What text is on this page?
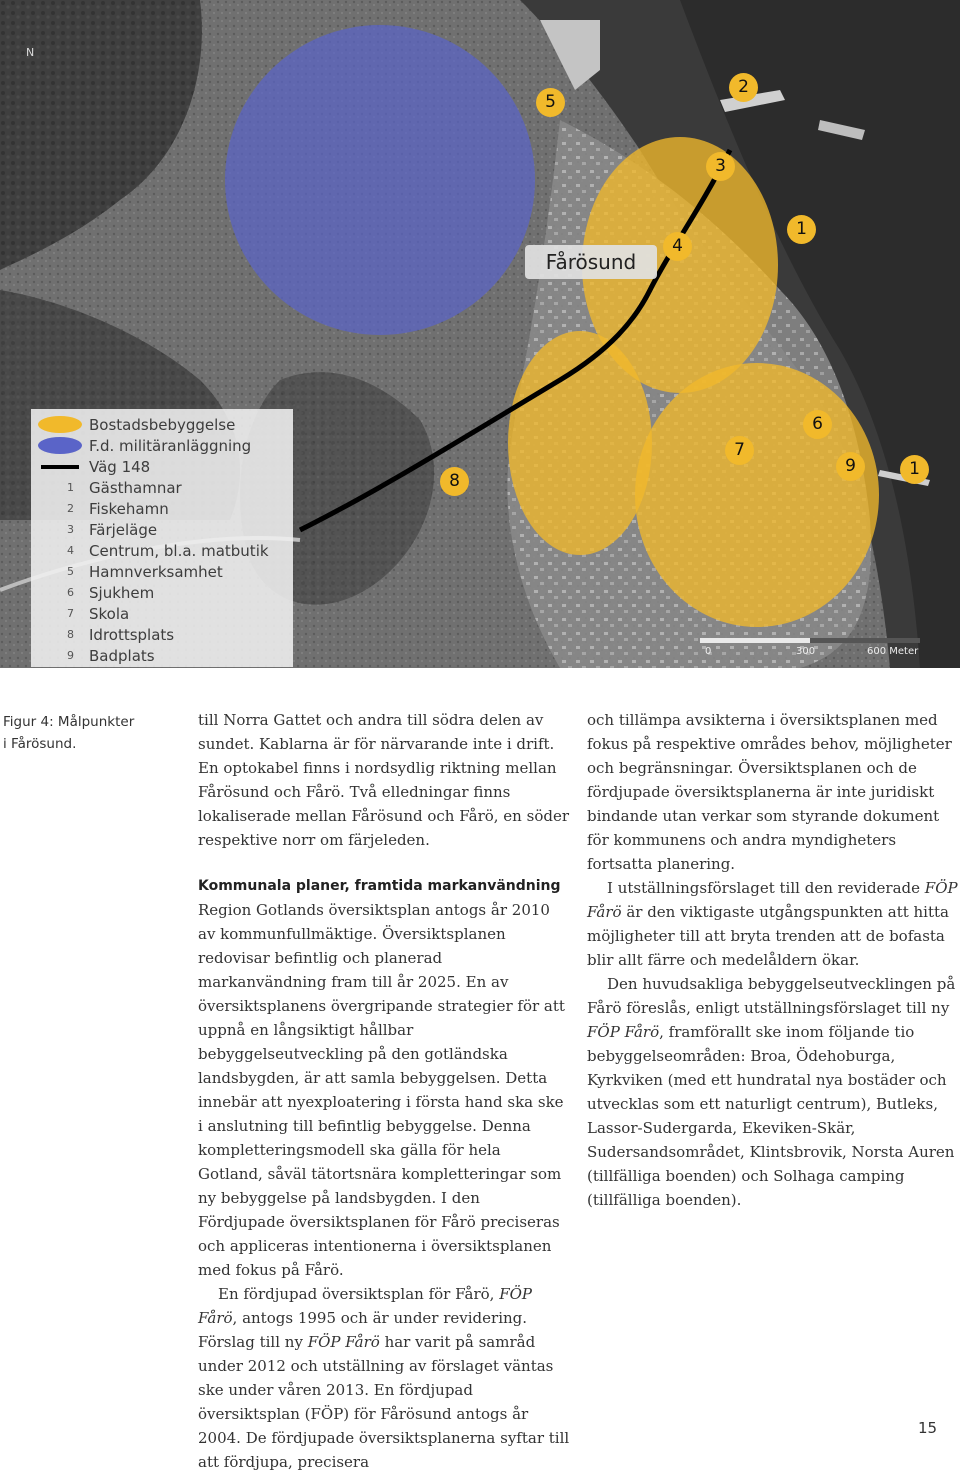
N
5
2
3
4
1
7
6
9	1
8
Fårösund
0	300	600 Meter
Bostadsbebyggelse
F.d. militäranläggning
Väg 148
1	Gästhamnar
2	Fiskehamn
3	Färjeläge
4	Centrum, bl.a. matbutik
5	Hamnverksamhet
6	Sjukhem
7	Skola
8	Idrottsplats
9	Badplats
Figur 4: Målpunkter
i Fårösund.

till Norra Gattet och andra till södra delen av sundet. Kablarna är för närvarande inte i drift. En optokabel finns i nordsydlig riktning mellan Fårösund och Fårö. Två elledningar finns lokaliserade mellan Fårösund och Fårö, en söder respektive norr om färjeleden.

Kommunala planer, framtida markanvändning

Region Gotlands översiktsplan antogs år 2010 av kommunfullmäktige. Översiktsplanen redovisar befintlig och planerad markanvändning fram till år 2025. En av översiktsplanens övergripande strategier för att uppnå en långsiktigt hållbar bebyggelseutveckling på den gotländska landsbygden, är att samla bebyggelsen. Detta innebär att nyexploatering i första hand ska ske i anslutning till befintlig bebyggelse. Denna kompletteringsmodell ska gälla för hela Gotland, såväl tätortsnära kompletteringar som ny bebyggelse på landsbygden. I den Fördjupade översiktsplanen för Fårö preciseras och appliceras intentionerna i översiktsplanen med fokus på Fårö.

En fördjupad översiktsplan för Fårö, FÖP Fårö, antogs 1995 och är under revidering. Förslag till ny FÖP Fårö har varit på samråd under 2012 och utställning av förslaget väntas ske under våren 2013. En fördjupad översiktsplan (FÖP) för Fårösund antogs år 2004. De fördjupade översiktsplanerna syftar till att fördjupa, precisera

och tillämpa avsikterna i översiktsplanen med fokus på respektive områdes behov, möjligheter och begränsningar. Översiktsplanen och de fördjupade översiktsplanerna är inte juridiskt bindande utan verkar som styrande dokument för kommunens och andra myndigheters fortsatta planering.

I utställningsförslaget till den reviderade FÖP Fårö är den viktigaste utgångspunkten att hitta möjligheter till att bryta trenden att de bofasta blir allt färre och medelåldern ökar.

Den huvudsakliga bebyggelseutvecklingen på Fårö föreslås, enligt utställningsförslaget till ny FÖP Fårö, framförallt ske inom följande tio bebyggelseområden: Broa, Ödehoburga, Kyrkviken (med ett hundratal nya bostäder och utvecklas som ett naturligt centrum), Butleks, Lassor-Sudergarda, Ekeviken-Skär, Sudersandsområdet, Klintsbrovik, Norsta Auren (tillfälliga boenden) och Solhaga camping (tillfälliga boenden).

15
